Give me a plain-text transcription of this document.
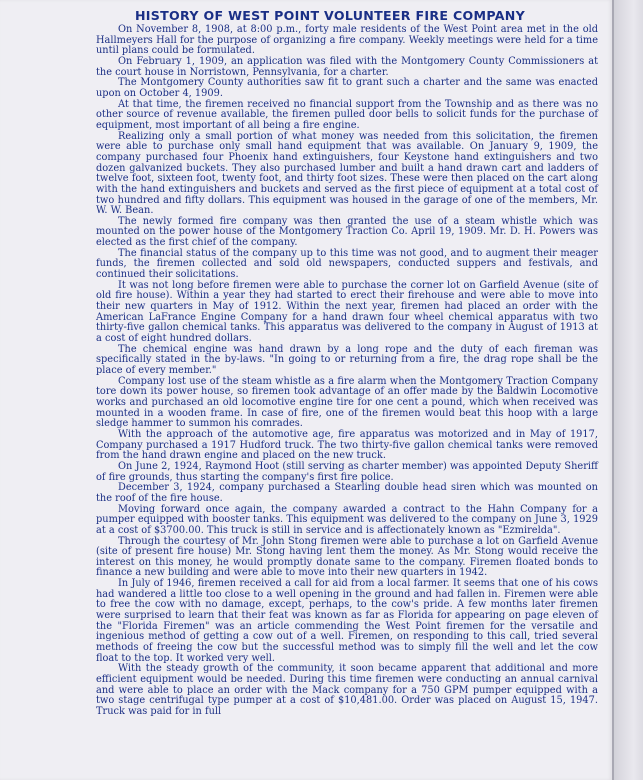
HISTORY OF WEST POINT VOLUNTEER FIRE COMPANY

On November 8, 1908, at 8:00 p.m., forty male residents of the West Point area met in the old Hallmeyers Hall for the purpose of organizing a fire company. Weekly meetings were held for a time until plans could be formulated.

On February 1, 1909, an application was filed with the Montgomery County Commissioners at the court house in Norristown, Pennsylvania, for a charter.

The Montgomery County authorities saw fit to grant such a charter and the same was enacted upon on October 4, 1909.

At that time, the firemen received no financial support from the Township and as there was no other source of revenue available, the firemen pulled door bells to solicit funds for the purchase of equipment, most important of all being a fire engine.

Realizing only a small portion of what money was needed from this solicitation, the firemen were able to purchase only small hand equipment that was available. On January 9, 1909, the company purchased four Phoenix hand extinguishers, four Keystone hand extinguishers and two dozen galvanized buckets. They also purchased lumber and built a hand drawn cart and ladders of twelve foot, sixteen foot, twenty foot, and thirty foot sizes. These were then placed on the cart along with the hand extinguishers and buckets and served as the first piece of equipment at a total cost of two hundred and fifty dollars. This equipment was housed in the garage of one of the members, Mr. W. W. Bean.

The newly formed fire company was then granted the use of a steam whistle which was mounted on the power house of the Montgomery Traction Co. April 19, 1909. Mr. D. H. Powers was elected as the first chief of the company.

The financial status of the company up to this time was not good, and to augment their meager funds, the firemen collected and sold old newspapers, conducted suppers and festivals, and continued their solicitations.

It was not long before firemen were able to purchase the corner lot on Garfield Avenue (site of old fire house). Within a year they had started to erect their firehouse and were able to move into their new quarters in May of 1912. Within the next year, firemen had placed an order with the American LaFrance Engine Company for a hand drawn four wheel chemical apparatus with two thirty-five gallon chemical tanks. This apparatus was delivered to the company in August of 1913 at a cost of eight hundred dollars.

The chemical engine was hand drawn by a long rope and the duty of each fireman was specifically stated in the by-laws. "In going to or returning from a fire, the drag rope shall be the place of every member."

Company lost use of the steam whistle as a fire alarm when the Montgomery Traction Company tore down its power house, so firemen took advantage of an offer made by the Baldwin Locomotive works and purchased an old locomotive engine tire for one cent a pound, which when received was mounted in a wooden frame. In case of fire, one of the firemen would beat this hoop with a large sledge hammer to summon his comrades.

With the approach of the automotive age, fire apparatus was motorized and in May of 1917, Company purchased a 1917 Hudford truck. The two thirty-five gallon chemical tanks were removed from the hand drawn engine and placed on the new truck.

On June 2, 1924, Raymond Hoot (still serving as charter member) was appointed Deputy Sheriff of fire grounds, thus starting the company's first fire police.

December 3, 1924, company purchased a Stearling double head siren which was mounted on the roof of the fire house.

Moving forward once again, the company awarded a contract to the Hahn Company for a pumper equipped with booster tanks. This equipment was delivered to the company on June 3, 1929 at a cost of $3700.00. This truck is still in service and is affectionately known as "Ezmirelda".

Through the courtesy of Mr. John Stong firemen were able to purchase a lot on Garfield Avenue (site of present fire house) Mr. Stong having lent them the money. As Mr. Stong would receive the interest on this money, he would promptly donate same to the company. Firemen floated bonds to finance a new building and were able to move into their new quarters in 1942.

In July of 1946, firemen received a call for aid from a local farmer. It seems that one of his cows had wandered a little too close to a well opening in the ground and had fallen in. Firemen were able to free the cow with no damage, except, perhaps, to the cow's pride. A few months later firemen were surprised to learn that their feat was known as far as Florida for appearing on page eleven of the "Florida Firemen" was an article commending the West Point firemen for the versatile and ingenious method of getting a cow out of a well. Firemen, on responding to this call, tried several methods of freeing the cow but the successful method was to simply fill the well and let the cow float to the top. It worked very well.

With the steady growth of the community, it soon became apparent that additional and more efficient equipment would be needed. During this time firemen were conducting an annual carnival and were able to place an order with the Mack company for a 750 GPM pumper equipped with a two stage centrifugal type pumper at a cost of $10,481.00. Order was placed on August 15, 1947. Truck was paid for in full
